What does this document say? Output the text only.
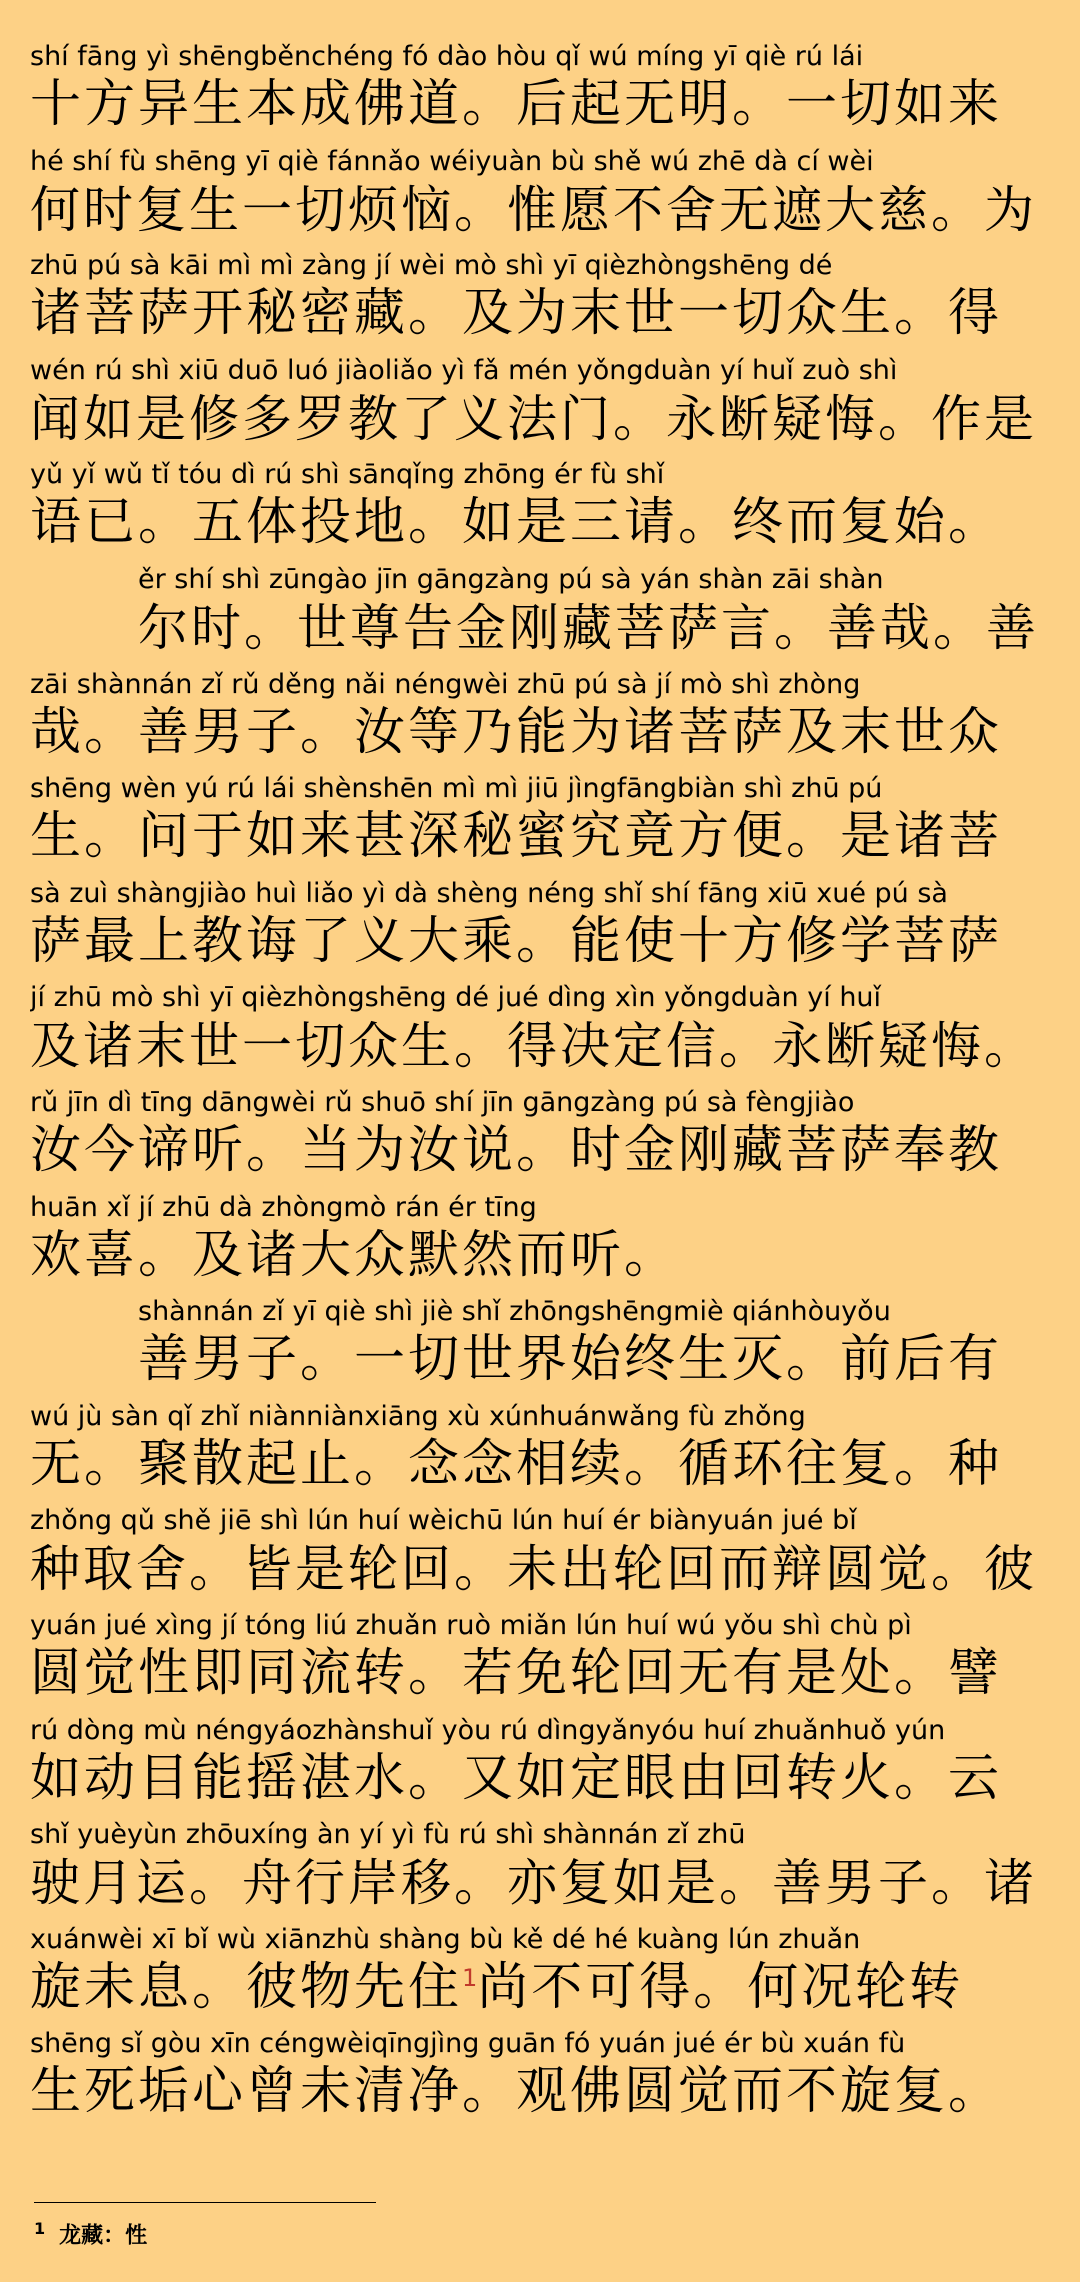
shí fāng yì shēngběnchéng fó dào hòu qǐ wú míng yī qiè rú lái
十方异生本成佛道。后起无明。一切如来
hé shí fù shēng yī qiè fánnǎo wéiyuàn bù shě wú zhē dà cí wèi
何时复生一切烦恼。惟愿不舍无遮大慈。为
zhū pú sà kāi mì mì zàng jí wèi mò shì yī qièzhòngshēng dé
诸菩萨开秘密藏。及为末世一切众生。得
wén rú shì xiū duō luó jiàoliǎo yì fǎ mén yǒngduàn yí huǐ zuò shì
闻如是修多罗教了义法门。永断疑悔。作是
yǔ yǐ wǔ tǐ tóu dì rú shì sānqǐng zhōng ér fù shǐ
语已。五体投地。如是三请。终而复始。
ěr shí shì zūngào jīn gāngzàng pú sà yán shàn zāi shàn
尔时。世尊告金刚藏菩萨言。善哉。善
zāi shànnán zǐ rǔ děng nǎi néngwèi zhū pú sà jí mò shì zhòng
哉。善男子。汝等乃能为诸菩萨及末世众
shēng wèn yú rú lái shènshēn mì mì jiū jìngfāngbiàn shì zhū pú
生。问于如来甚深秘蜜究竟方便。是诸菩
sà zuì shàngjiào huì liǎo yì dà shèng néng shǐ shí fāng xiū xué pú sà
萨最上教诲了义大乘。能使十方修学菩萨
jí zhū mò shì yī qièzhòngshēng dé jué dìng xìn yǒngduàn yí huǐ
及诸末世一切众生。得决定信。永断疑悔。
rǔ jīn dì tīng dāngwèi rǔ shuō shí jīn gāngzàng pú sà fèngjiào
汝今谛听。当为汝说。时金刚藏菩萨奉教
huān xǐ jí zhū dà zhòngmò rán ér tīng
欢喜。及诸大众默然而听。
shànnán zǐ yī qiè shì jiè shǐ zhōngshēngmiè qiánhòuyǒu
善男子。一切世界始终生灭。前后有
wú jù sàn qǐ zhǐ niànniànxiāng xù xúnhuánwǎng fù zhǒng
无。聚散起止。念念相续。循环往复。种
zhǒng qǔ shě jiē shì lún huí wèichū lún huí ér biànyuán jué bǐ
种取舍。皆是轮回。未出轮回而辩圆觉。彼
yuán jué xìng jí tóng liú zhuǎn ruò miǎn lún huí wú yǒu shì chù pì
圆觉性即同流转。若免轮回无有是处。譬
rú dòng mù néngyáozhànshuǐ yòu rú dìngyǎnyóu huí zhuǎnhuǒ yún
如动目能摇湛水。又如定眼由回转火。云
shǐ yuèyùn zhōuxíng àn yí yì fù rú shì shànnán zǐ zhū
驶月运。舟行岸移。亦复如是。善男子。诸
xuánwèi xī bǐ wù xiānzhù shàng bù kě dé hé kuàng lún zhuǎn
旋未息。彼物先住$^1$尚不可得。何况轮转
shēng sǐ gòu xīn céngwèiqīngjìng guān fó yuán jué ér bù xuán fù
生死垢心曾未清净。观佛圆觉而不旋复。
$^1$ 龙藏：性
